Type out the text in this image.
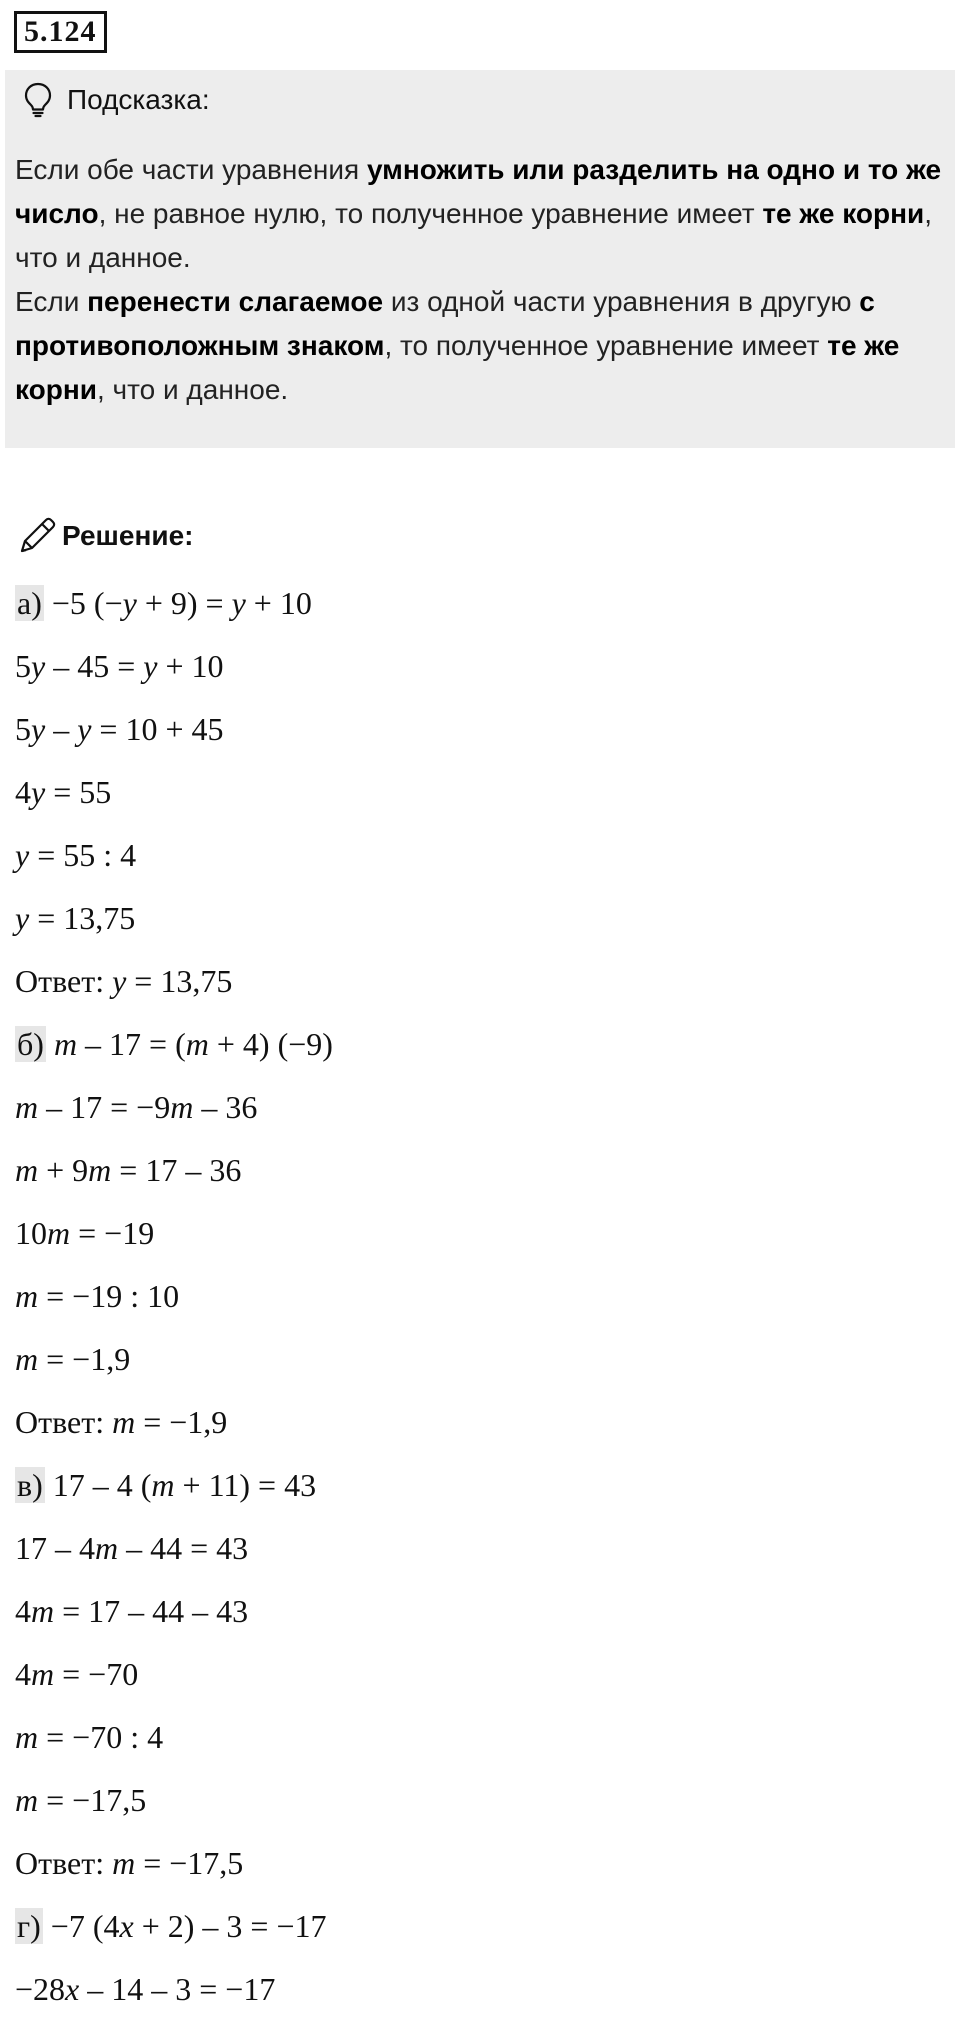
5.124
Подсказка:
Если обе части уравнения умножить или разделить на одно и то же число, не равное нулю, то полученное уравнение имеет те же корни, что и данное.
Если перенести слагаемое из одной части уравнения в другую с противоположным знаком, то полученное уравнение имеет те же корни, что и данное.
Решение:
а) −5 (−y + 9) = y + 10
5y – 45 = y + 10
5y – y = 10 + 45
4y = 55
y = 55 : 4
y = 13,75
Ответ: y = 13,75
б) m – 17 = (m + 4) (−9)
m – 17 = −9m – 36
m + 9m = 17 – 36
10m = −19
m = −19 : 10
m = −1,9
Ответ: m = −1,9
в) 17 – 4 (m + 11) = 43
17 – 4m – 44 = 43
4m = 17 – 44 – 43
4m = −70
m = −70 : 4
m = −17,5
Ответ: m = −17,5
г) −7 (4x + 2) – 3 = −17
−28x – 14 – 3 = −17
